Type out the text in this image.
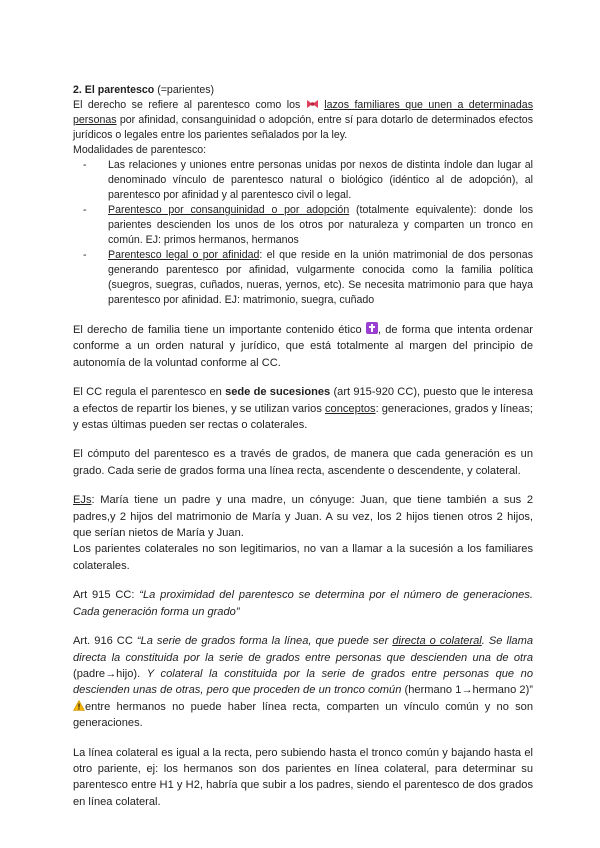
2. El parentesco (=parientes)

El derecho se refiere al parentesco como los  lazos familiares que unen a determinadas personas por afinidad, consanguinidad o adopción, entre sí para dotarlo de determinados efectos jurídicos o legales entre los parientes señalados por la ley.

Modalidades de parentesco:

- Las relaciones y uniones entre personas unidas por nexos de distinta índole dan lugar al denominado vínculo de parentesco natural o biológico (idéntico al de adopción), al parentesco por afinidad y al parentesco civil o legal.
- Parentesco por consanguinidad o por adopción (totalmente equivalente): donde los parientes descienden los unos de los otros por naturaleza y comparten un tronco en común. EJ: primos hermanos, hermanos
- Parentesco legal o por afinidad: el que reside en la unión matrimonial de dos personas generando parentesco por afinidad, vulgarmente conocida como la familia política (suegros, suegras, cuñados, nueras, yernos, etc). Se necesita matrimonio para que haya parentesco por afinidad. EJ: matrimonio, suegra, cuñado

El derecho de familia tiene un importante contenido ético , de forma que intenta ordenar conforme a un orden natural y jurídico, que está totalmente al margen del principio de autonomía de la voluntad conforme al CC.

El CC regula el parentesco en sede de sucesiones (art 915-920 CC), puesto que le interesa a efectos de repartir los bienes, y se utilizan varios conceptos: generaciones, grados y líneas; y estas últimas pueden ser rectas o colaterales.

El cómputo del parentesco es a través de grados, de manera que cada generación es un grado. Cada serie de grados forma una línea recta, ascendente o descendente, y colateral.

EJs: María tiene un padre y una madre, un cónyuge: Juan, que tiene también a sus 2 padres,y 2 hijos del matrimonio de María y Juan. A su vez, los 2 hijos tienen otros 2 hijos, que serían nietos de María y Juan.

Los parientes colaterales no son legitimarios, no van a llamar a la sucesión a los familiares colaterales.

Art 915 CC: “La proximidad del parentesco se determina por el número de generaciones. Cada generación forma un grado”

Art. 916 CC “La serie de grados forma la línea, que puede ser directa o colateral. Se llama directa la constituida por la serie de grados entre personas que descienden una de otra (padre→hijo). Y colateral la constituida por la serie de grados entre personas que no descienden unas de otras, pero que proceden de un tronco común (hermano 1→hermano 2)” entre hermanos no puede haber línea recta, comparten un vínculo común y no son generaciones.

La línea colateral es igual a la recta, pero subiendo hasta el tronco común y bajando hasta el otro pariente, ej: los hermanos son dos parientes en línea colateral, para determinar su parentesco entre H1 y H2, habría que subir a los padres, siendo el parentesco de dos grados en línea colateral.
